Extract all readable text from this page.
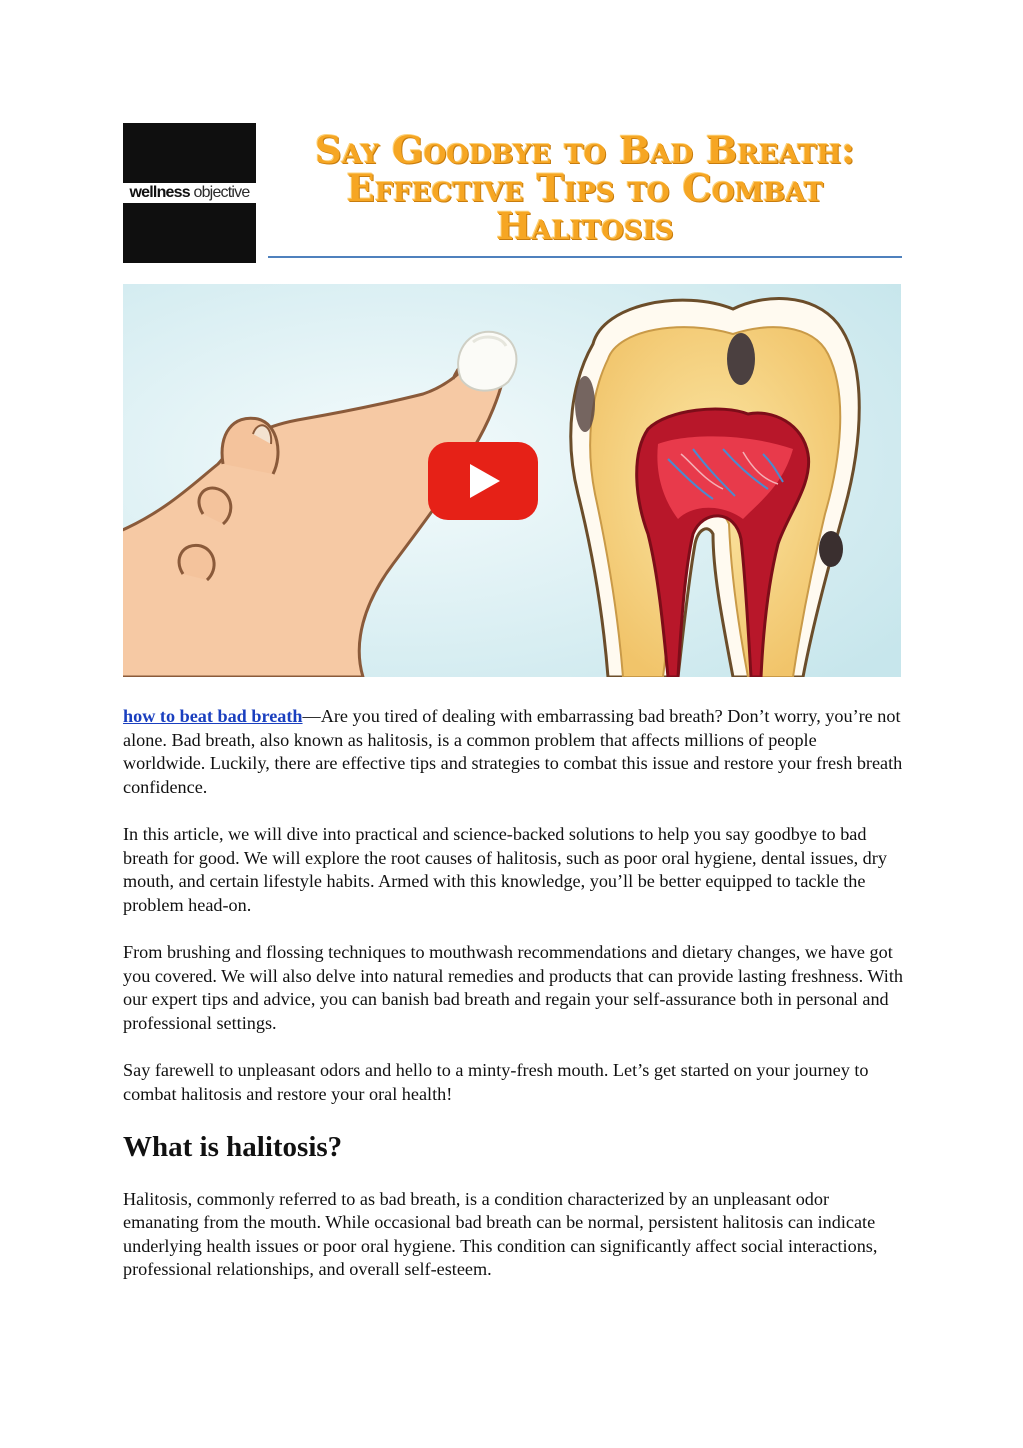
wellness objective
Say Goodbye to Bad Breath: Effective Tips to Combat Halitosis

how to beat bad breath—Are you tired of dealing with embarrassing bad breath? Don’t worry, you’re not alone. Bad breath, also known as halitosis, is a common problem that affects millions of people worldwide. Luckily, there are effective tips and strategies to combat this issue and restore your fresh breath confidence.

In this article, we will dive into practical and science-backed solutions to help you say goodbye to bad breath for good. We will explore the root causes of halitosis, such as poor oral hygiene, dental issues, dry mouth, and certain lifestyle habits. Armed with this knowledge, you’ll be better equipped to tackle the problem head-on.

From brushing and flossing techniques to mouthwash recommendations and dietary changes, we have got you covered. We will also delve into natural remedies and products that can provide lasting freshness. With our expert tips and advice, you can banish bad breath and regain your self-assurance both in personal and professional settings.

Say farewell to unpleasant odors and hello to a minty-fresh mouth. Let’s get started on your journey to combat halitosis and restore your oral health!

What is halitosis?

Halitosis, commonly referred to as bad breath, is a condition characterized by an unpleasant odor emanating from the mouth. While occasional bad breath can be normal, persistent halitosis can indicate underlying health issues or poor oral hygiene. This condition can significantly affect social interactions, professional relationships, and overall self-esteem.
